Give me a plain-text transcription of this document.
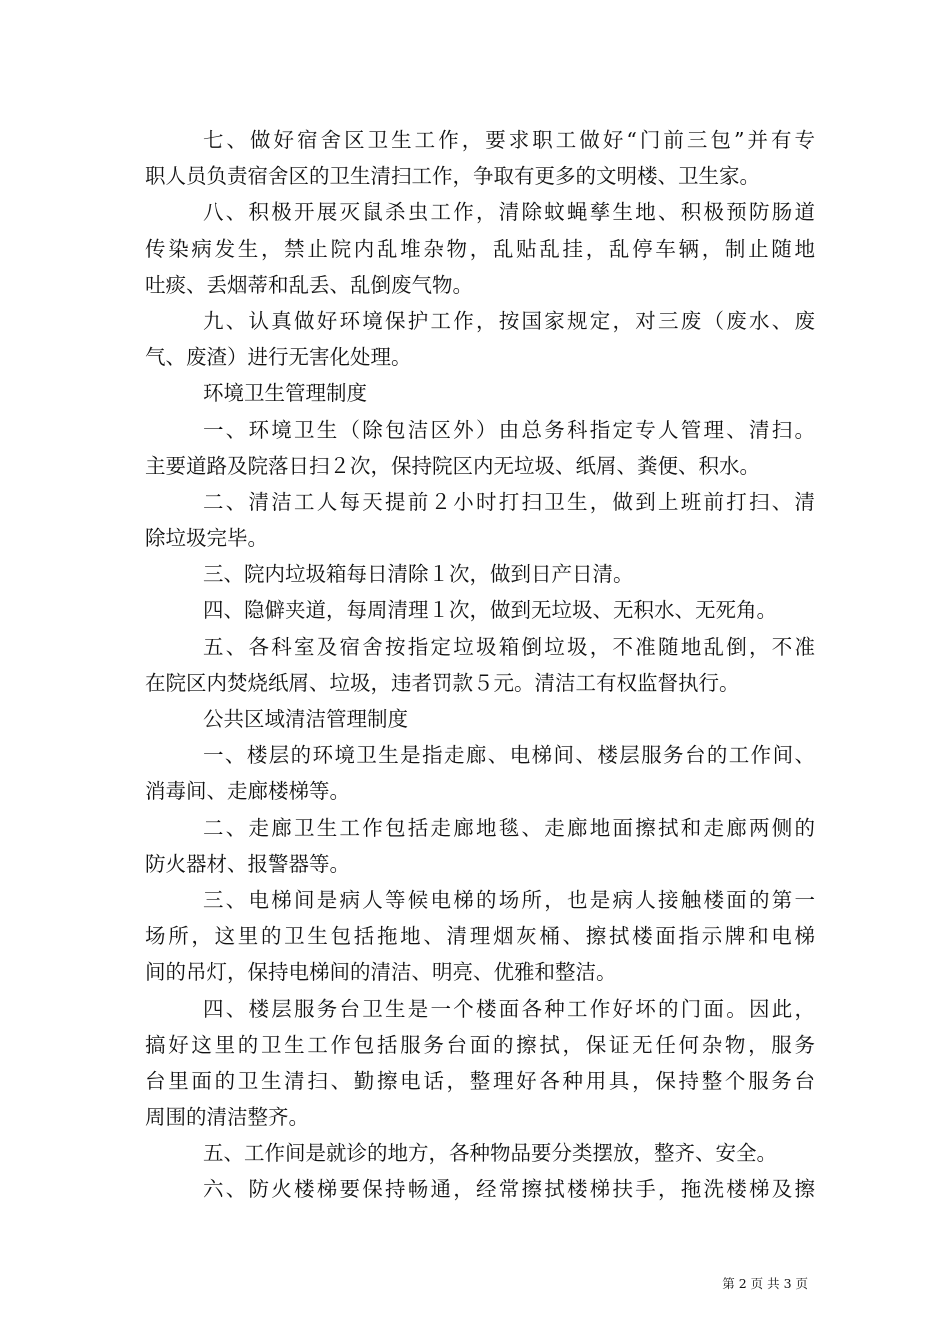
七、做好宿舍区卫生工作，要求职工做好“门前三包”并有专
职人员负责宿舍区的卫生清扫工作，争取有更多的文明楼、卫生家。
八、积极开展灭鼠杀虫工作，清除蚊蝇孳生地、积极预防肠道
传染病发生，禁止院内乱堆杂物，乱贴乱挂，乱停车辆，制止随地
吐痰、丢烟蒂和乱丢、乱倒废气物。
九、认真做好环境保护工作，按国家规定，对三废（废水、废
气、废渣）进行无害化处理。
环境卫生管理制度
一、环境卫生（除包洁区外）由总务科指定专人管理、清扫。
主要道路及院落日扫２次，保持院区内无垃圾、纸屑、粪便、积水。
二、清洁工人每天提前２小时打扫卫生，做到上班前打扫、清
除垃圾完毕。
三、院内垃圾箱每日清除１次，做到日产日清。
四、隐僻夹道，每周清理１次，做到无垃圾、无积水、无死角。
五、各科室及宿舍按指定垃圾箱倒垃圾，不准随地乱倒，不准
在院区内焚烧纸屑、垃圾，违者罚款５元。清洁工有权监督执行。
公共区域清洁管理制度
一、楼层的环境卫生是指走廊、电梯间、楼层服务台的工作间、
消毒间、走廊楼梯等。
二、走廊卫生工作包括走廊地毯、走廊地面擦拭和走廊两侧的
防火器材、报警器等。
三、电梯间是病人等候电梯的场所，也是病人接触楼面的第一
场所，这里的卫生包括拖地、清理烟灰桶、擦拭楼面指示牌和电梯
间的吊灯，保持电梯间的清洁、明亮、优雅和整洁。
四、楼层服务台卫生是一个楼面各种工作好坏的门面。因此，
搞好这里的卫生工作包括服务台面的擦拭，保证无任何杂物，服务
台里面的卫生清扫、勤擦电话，整理好各种用具，保持整个服务台
周围的清洁整齐。
五、工作间是就诊的地方，各种物品要分类摆放，整齐、安全。
六、防火楼梯要保持畅通，经常擦拭楼梯扶手，拖洗楼梯及擦
第 2 页 共 3 页
